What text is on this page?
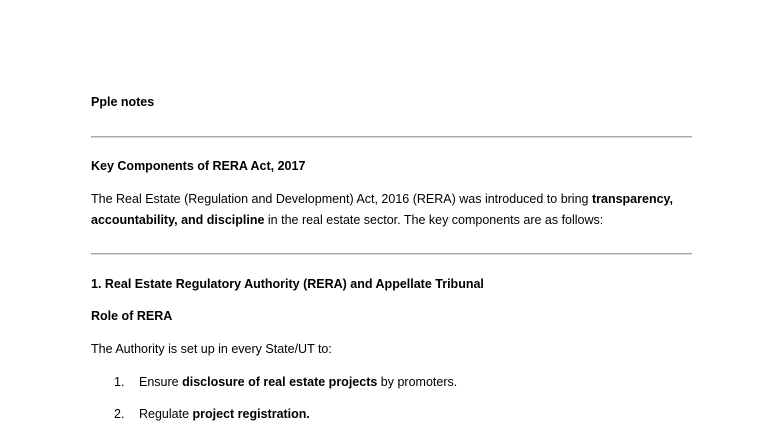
Pple notes
Key Components of RERA Act, 2017
The Real Estate (Regulation and Development) Act, 2016 (RERA) was introduced to bring transparency,
accountability, and discipline in the real estate sector. The key components are as follows:
1. Real Estate Regulatory Authority (RERA) and Appellate Tribunal
Role of RERA
The Authority is set up in every State/UT to:
1. Ensure disclosure of real estate projects by promoters.
2. Regulate project registration.
